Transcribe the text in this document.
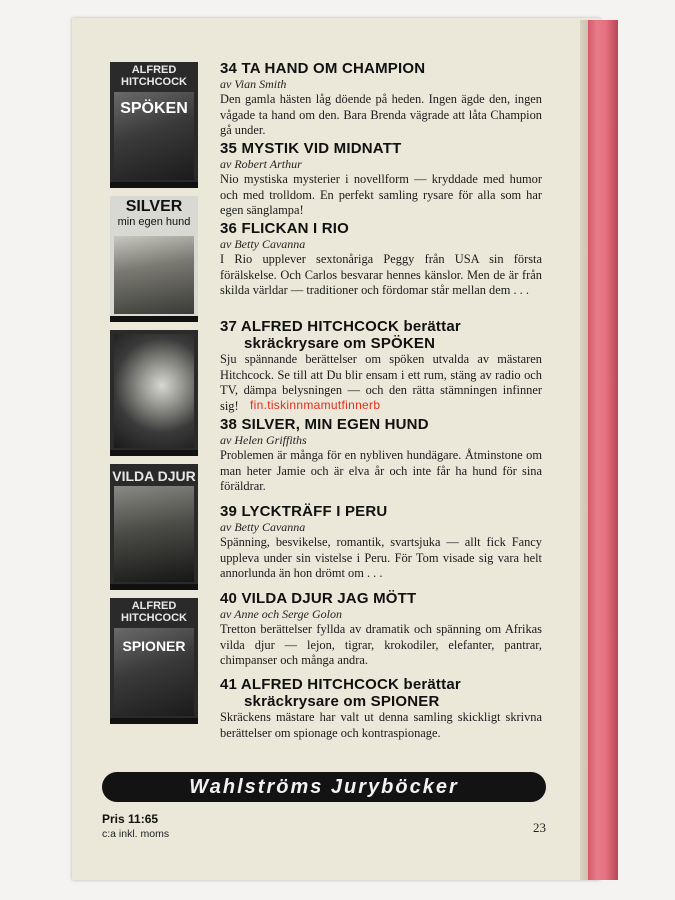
ALFRED
HITCHCOCK
SPÖKEN
SILVER
min egen hund
VILDA DJUR
ALFRED
HITCHCOCK
SPIONER
34 TA HAND OM CHAMPION
av Vian Smith
Den gamla hästen låg döende på heden. Ingen ägde den, ingen vågade ta hand om den. Bara Brenda vägrade att låta Champion gå under.
35 MYSTIK VID MIDNATT
av Robert Arthur
Nio mystiska mysterier i novellform — kryddade med humor och med trolldom. En perfekt samling rysare för alla som har egen sänglampa!
36 FLICKAN I RIO
av Betty Cavanna
I Rio upplever sextonåriga Peggy från USA sin första förälskelse. Och Carlos besvarar hennes känslor. Men de är från skilda världar — traditioner och fördomar står mellan dem . . .
37 ALFRED HITCHCOCK berättar
skräckrysare om SPÖKEN
Sju spännande berättelser om spöken utvalda av mästaren Hitchcock. Se till att Du blir ensam i ett rum, stäng av radio och TV, dämpa belysningen — och den rätta stämningen infinner sig!
38 SILVER, MIN EGEN HUND
av Helen Griffiths
Problemen är många för en nybliven hundägare. Åtminstone om man heter Jamie och är elva år och inte får ha hund för sina föräldrar.
39 LYCKTRÄFF I PERU
av Betty Cavanna
Spänning, besvikelse, romantik, svartsjuka — allt fick Fancy uppleva under sin vistelse i Peru. För Tom visade sig vara helt annorlunda än hon drömt om . . .
40 VILDA DJUR JAG MÖTT
av Anne och Serge Golon
Tretton berättelser fyllda av dramatik och spänning om Afrikas vilda djur — lejon, tigrar, krokodiler, elefanter, pantrar, chimpanser och många andra.
41 ALFRED HITCHCOCK berättar
skräckrysare om SPIONER
Skräckens mästare har valt ut denna samling skickligt skrivna berättelser om spionage och kontraspionage.
fin.tiskinnmamutfinnerb
Wahlströms Juryböcker
Pris 11:65
c:a inkl. moms	23
